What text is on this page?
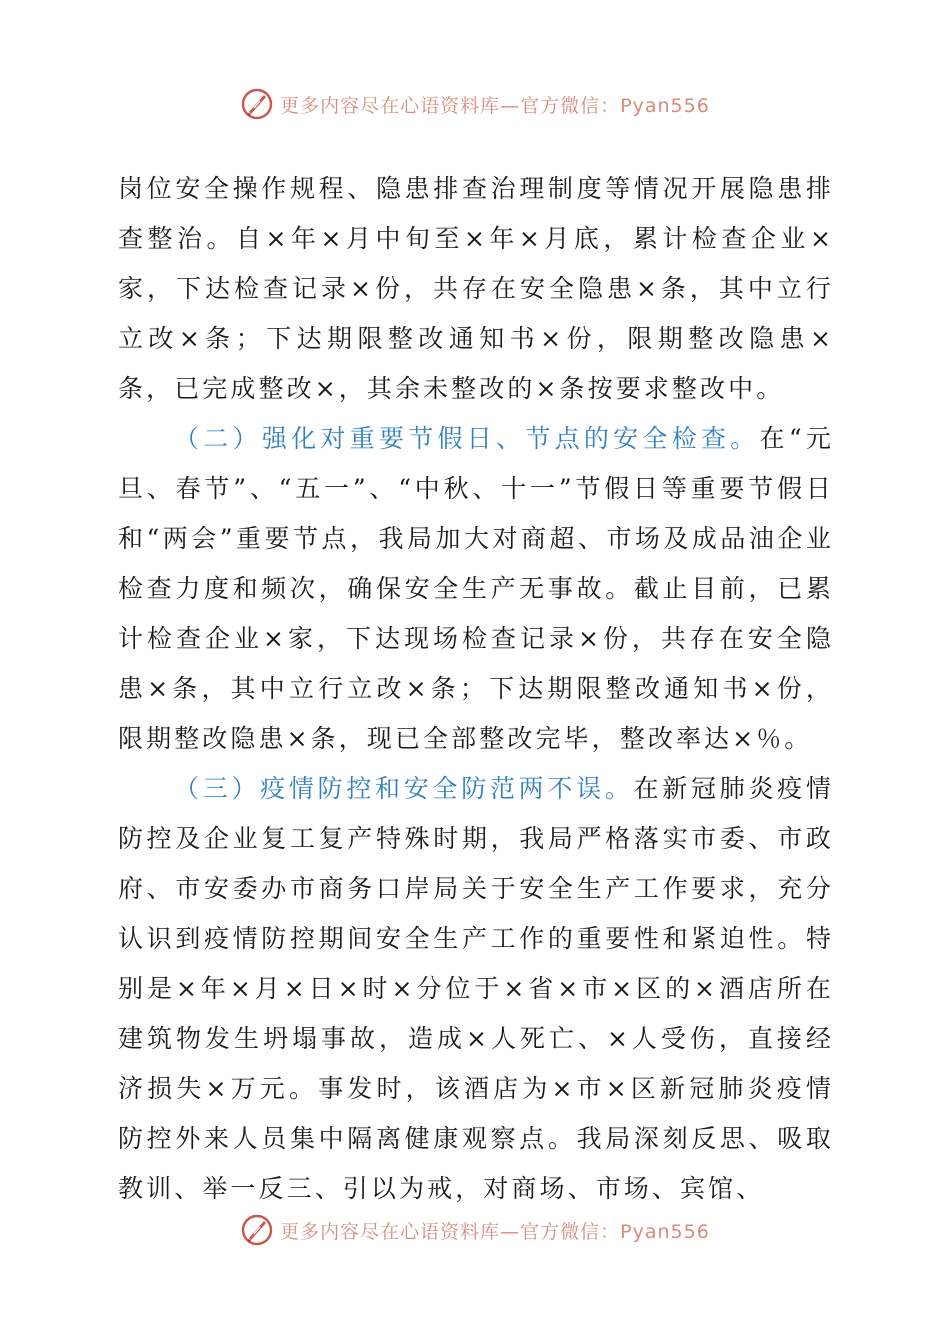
更多内容尽在心语资料库—官方微信：Pyan556

岗位安全操作规程、隐患排查治理制度等情况开展隐患排查整治。自×年×月中旬至×年×月底，累计检查企业×家，下达检查记录×份，共存在安全隐患×条，其中立行立改×条；下达期限整改通知书×份，限期整改隐患×条，已完成整改×，其余未整改的×条按要求整改中。

（二）强化对重要节假日、节点的安全检查。在“元旦、春节”、“五一”、“中秋、十一”节假日等重要节假日和“两会”重要节点，我局加大对商超、市场及成品油企业检查力度和频次，确保安全生产无事故。截止目前，已累计检查企业×家，下达现场检查记录×份，共存在安全隐患×条，其中立行立改×条；下达期限整改通知书×份，限期整改隐患×条，现已全部整改完毕，整改率达×％。

（三）疫情防控和安全防范两不误。在新冠肺炎疫情防控及企业复工复产特殊时期，我局严格落实市委、市政府、市安委办市商务口岸局关于安全生产工作要求，充分认识到疫情防控期间安全生产工作的重要性和紧迫性。特别是×年×月×日×时×分位于×省×市×区的×酒店所在建筑物发生坍塌事故，造成×人死亡、×人受伤，直接经济损失×万元。事发时，该酒店为×市×区新冠肺炎疫情防控外来人员集中隔离健康观察点。我局深刻反思、吸取教训、举一反三、引以为戒，对商场、市场、宾馆、

更多内容尽在心语资料库—官方微信：Pyan556
